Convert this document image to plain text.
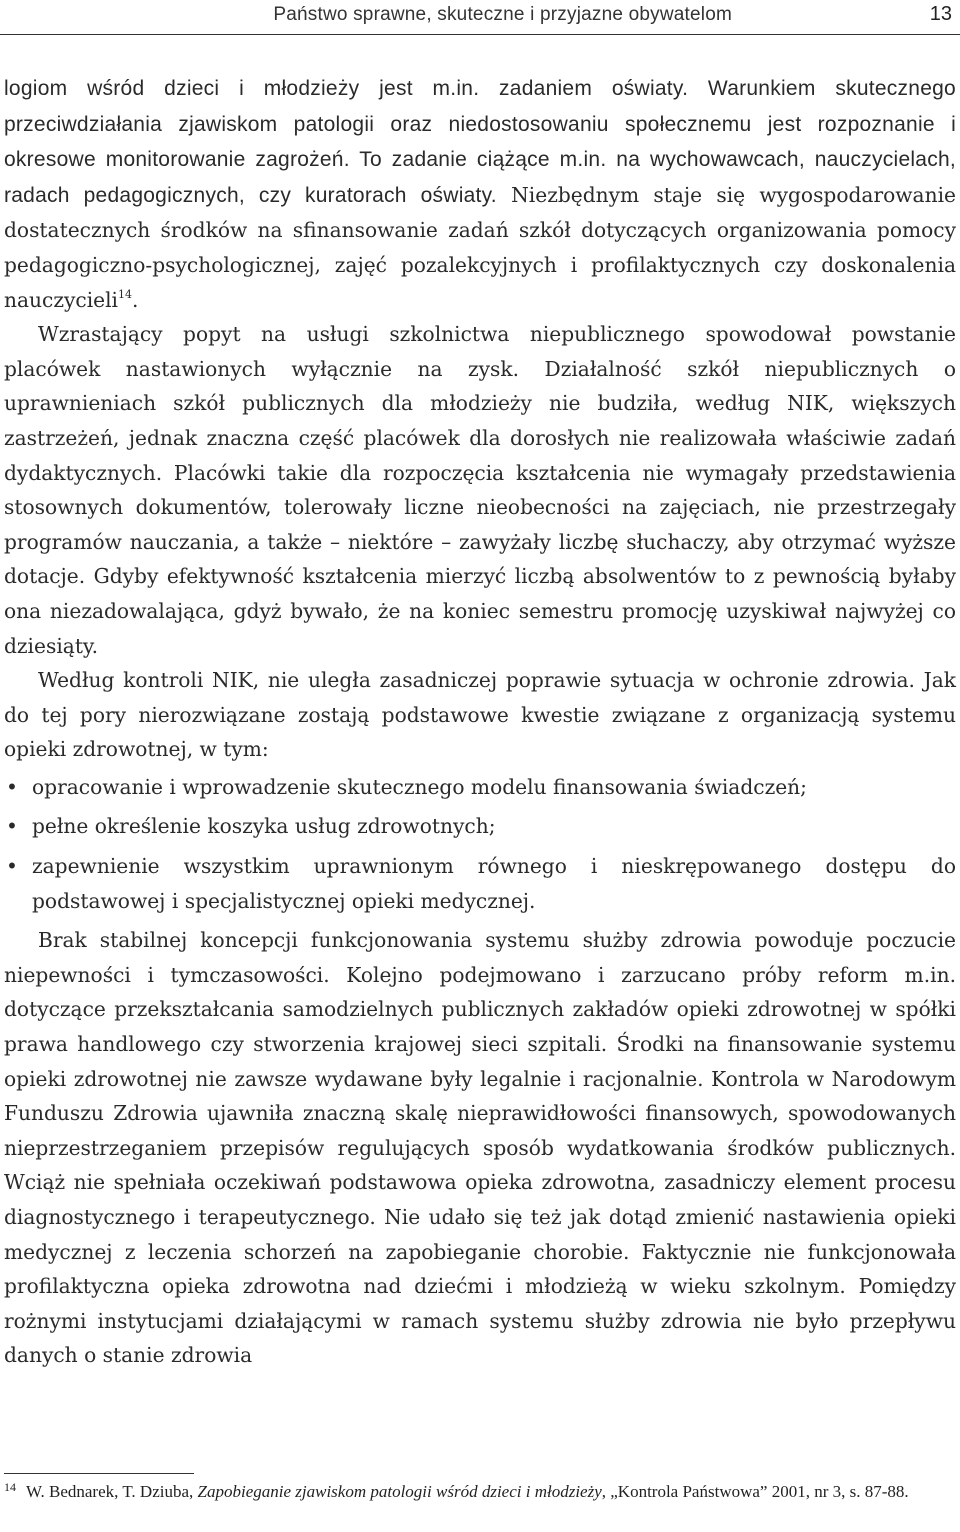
Państwo sprawne, skuteczne i przyjazne obywatelom	13

logiom wśród dzieci i młodzieży jest m.in. zadaniem oświaty. Warunkiem skutecznego przeciwdziałania zjawiskom patologii oraz niedostosowaniu społecznemu jest rozpoznanie i okresowe monitorowanie zagrożeń. To zadanie ciążące m.in. na wychowawcach, nauczycielach, radach pedagogicznych, czy kuratorach oświaty. Niezbędnym staje się wygospodarowanie dostatecznych środków na sfinansowanie zadań szkół dotyczących organizowania pomocy pedagogiczno-psychologicznej, zajęć pozalekcyjnych i profilaktycznych czy doskonalenia nauczycieli$^{14}$.

Wzrastający popyt na usługi szkolnictwa niepublicznego spowodował powstanie placówek nastawionych wyłącznie na zysk. Działalność szkół niepublicznych o uprawnieniach szkół publicznych dla młodzieży nie budziła, według NIK, większych zastrzeżeń, jednak znaczna część placówek dla dorosłych nie realizowała właściwie zadań dydaktycznych. Placówki takie dla rozpoczęcia kształcenia nie wymagały przedstawienia stosownych dokumentów, tolerowały liczne nieobecności na zajęciach, nie przestrzegały programów nauczania, a także – niektóre – zawyżały liczbę słuchaczy, aby otrzymać wyższe dotacje. Gdyby efektywność kształcenia mierzyć liczbą absolwentów to z pewnością byłaby ona niezadowalająca, gdyż bywało, że na koniec semestru promocję uzyskiwał najwyżej co dziesiąty.

Według kontroli NIK, nie uległa zasadniczej poprawie sytuacja w ochronie zdrowia. Jak do tej pory nierozwiązane zostają podstawowe kwestie związane z organizacją systemu opieki zdrowotnej, w tym:

• opracowanie i wprowadzenie skutecznego modelu finansowania świadczeń;
• pełne określenie koszyka usług zdrowotnych;
• zapewnienie wszystkim uprawnionym równego i nieskrępowanego dostępu do podstawowej i specjalistycznej opieki medycznej.

Brak stabilnej koncepcji funkcjonowania systemu służby zdrowia powoduje poczucie niepewności i tymczasowości. Kolejno podejmowano i zarzucano próby reform m.in. dotyczące przekształcania samodzielnych publicznych zakładów opieki zdrowotnej w spółki prawa handlowego czy stworzenia krajowej sieci szpitali. Środki na finansowanie systemu opieki zdrowotnej nie zawsze wydawane były legalnie i racjonalnie. Kontrola w Narodowym Funduszu Zdrowia ujawniła znaczną skalę nieprawidłowości finansowych, spowodowanych nieprzestrzeganiem przepisów regulujących sposób wydatkowania środków publicznych. Wciąż nie spełniała oczekiwań podstawowa opieka zdrowotna, zasadniczy element procesu diagnostycznego i terapeutycznego. Nie udało się też jak dotąd zmienić nastawienia opieki medycznej z leczenia schorzeń na zapobieganie chorobie. Faktycznie nie funkcjonowała profilaktyczna opieka zdrowotna nad dziećmi i młodzieżą w wieku szkolnym. Pomiędzy rożnymi instytucjami działającymi w ramach systemu służby zdrowia nie było przepływu danych o stanie zdrowia

14 W. Bednarek, T. Dziuba, Zapobieganie zjawiskom patologii wśród dzieci i młodzieży, „Kontrola Państwowa” 2001, nr 3, s. 87-88.
